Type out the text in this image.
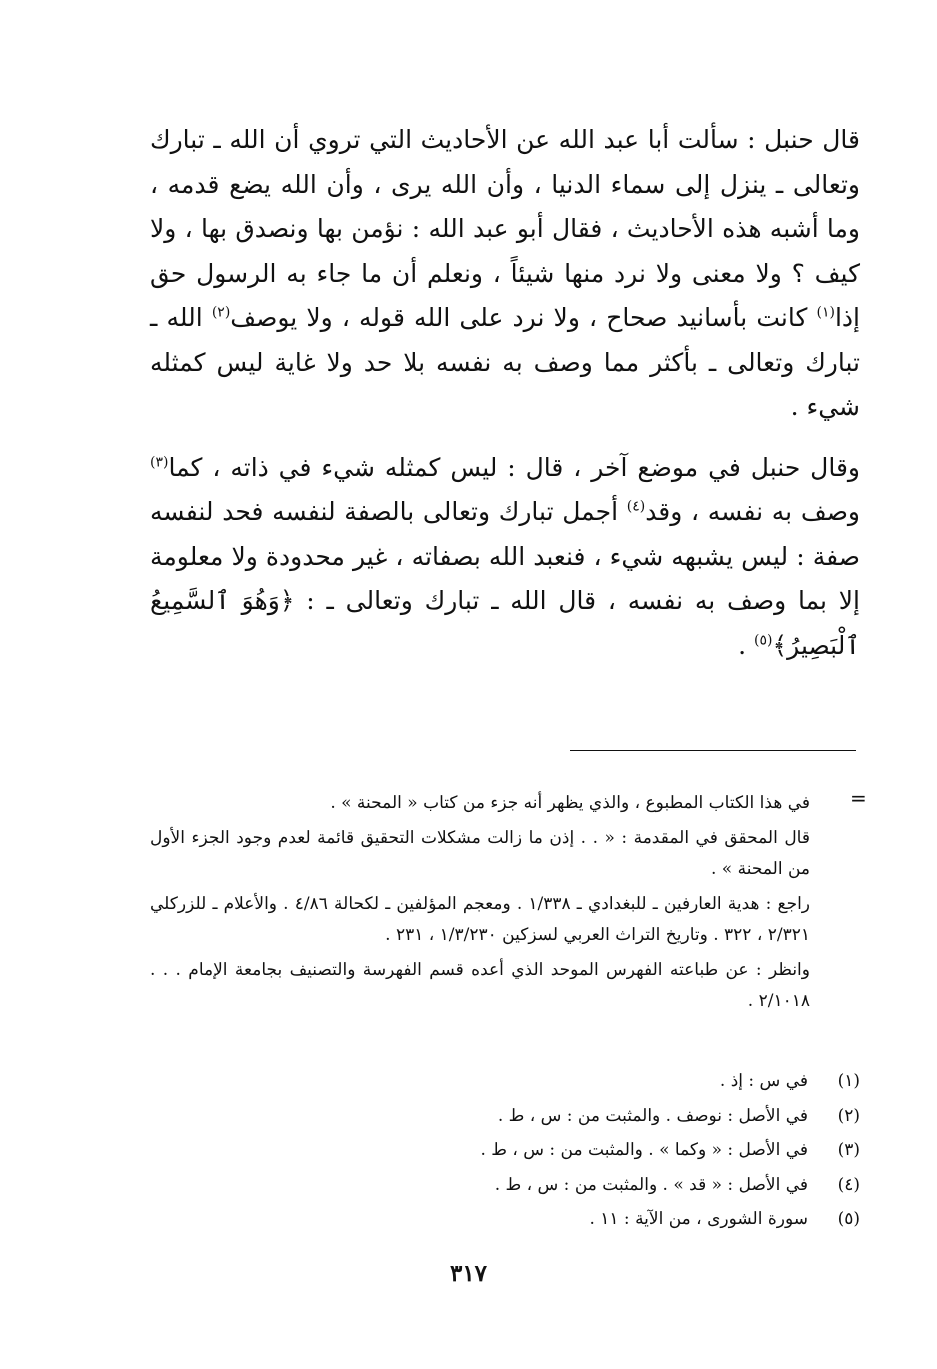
قال حنبل : سألت أبا عبد الله عن الأحاديث التي تروي أن الله ـ تبارك وتعالى ـ ينزل إلى سماء الدنيا ، وأن الله يرى ، وأن الله يضع قدمه ، وما أشبه هذه الأحاديث ، فقال أبو عبد الله : نؤمن بها ونصدق بها ، ولا كيف ؟ ولا معنى ولا نرد منها شيئاً ، ونعلم أن ما جاء به الرسول حق إذا$^{(١)}$ كانت بأسانيد صحاح ، ولا نرد على الله قوله ، ولا يوصف$^{(٢)}$ الله ـ تبارك وتعالى ـ بأكثر مما وصف به نفسه بلا حد ولا غاية ليس كمثله شيء .

وقال حنبل في موضع آخر ، قال : ليس كمثله شيء في ذاته ، كما$^{(٣)}$ وصف به نفسه ، وقد$^{(٤)}$ أجمل تبارك وتعالى بالصفة لنفسه فحد لنفسه صفة : ليس يشبهه شيء ، فنعبد الله بصفاته ، غير محدودة ولا معلومة إلا بما وصف به نفسه ، قال الله ـ تبارك وتعالى ـ : ﴿وَهُوَ ٱلسَّمِيعُ ٱلْبَصِيرُ﴾$^{(٥)}$ .

=

في هذا الكتاب المطبوع ، والذي يظهر أنه جزء من كتاب « المحنة » .

قال المحقق في المقدمة : « . . إذن ما زالت مشكلات التحقيق قائمة لعدم وجود الجزء الأول من المحنة » .

راجع : هدية العارفين ـ للبغدادي ـ ١/٣٣٨ . ومعجم المؤلفين ـ لكحالة ٤/٨٦ . والأعلام ـ للزركلي ٢/٣٢١ ، ٣٢٢ . وتاريخ التراث العربي لسزكين ١/٣/٢٣٠ ، ٢٣١ .

وانظر : عن طباعته الفهرس الموحد الذي أعده قسم الفهرسة والتصنيف بجامعة الإمام . . . ٢/١٠١٨ .

(١)في س : إذ .
(٢)في الأصل : نوصف . والمثبت من : س ، ط .
(٣)في الأصل : « وكما » . والمثبت من : س ، ط .
(٤)في الأصل : « قد » . والمثبت من : س ، ط .
(٥)سورة الشورى ، من الآية : ١١ .
٣١٧
